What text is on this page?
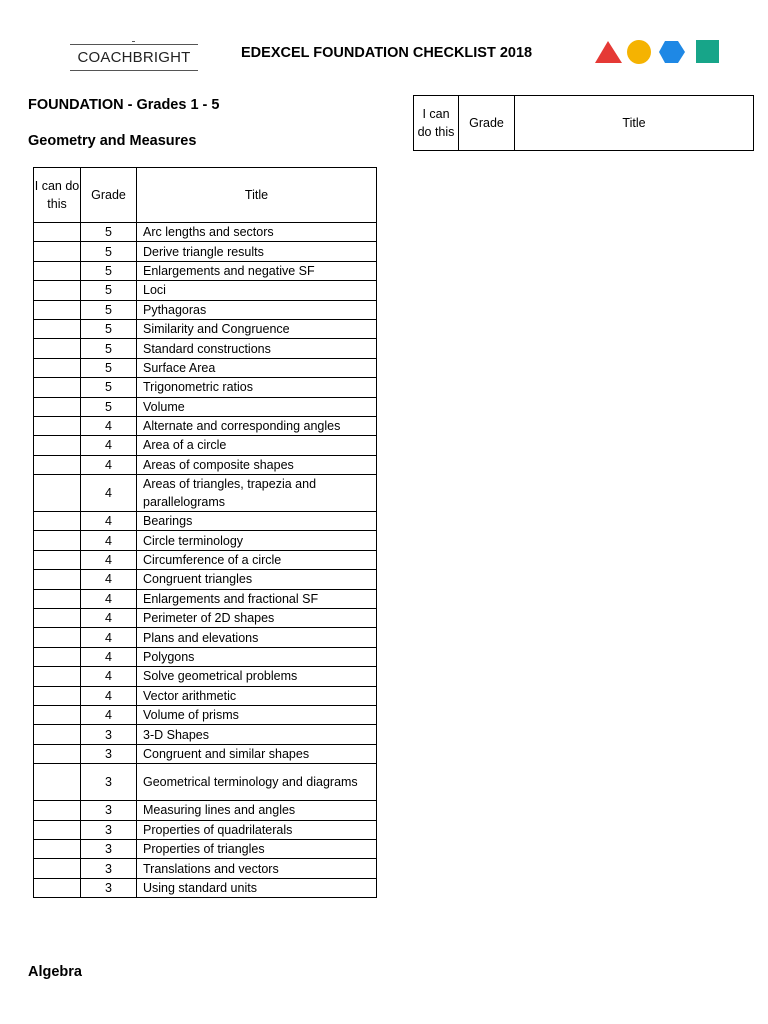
COACHBRIGHT	EDEXCEL FOUNDATION CHECKLIST 2018
FOUNDATION - Grades 1 - 5
Geometry and Measures
I can do this	Grade	Title
	5	Arc lengths and sectors
	5	Derive triangle results
	5	Enlargements and negative SF
	5	Loci
	5	Pythagoras
	5	Similarity and Congruence
	5	Standard constructions
	5	Surface Area
	5	Trigonometric ratios
	5	Volume
	4	Alternate and corresponding angles
	4	Area of a circle
	4	Areas of composite shapes
	4	Areas of triangles, trapezia and parallelograms
	4	Bearings
	4	Circle terminology
	4	Circumference of a circle
	4	Congruent triangles
	4	Enlargements and fractional SF
	4	Perimeter of 2D shapes
	4	Plans and elevations
	4	Polygons
	4	Solve geometrical problems
	4	Vector arithmetic
	4	Volume of prisms
	3	3-D Shapes
	3	Congruent and similar shapes
	3	Geometrical terminology and diagrams
	3	Measuring lines and angles
	3	Properties of quadrilaterals
	3	Properties of triangles
	3	Translations and vectors
	3	Using standard units
I can do this	Grade	Title
Algebra
